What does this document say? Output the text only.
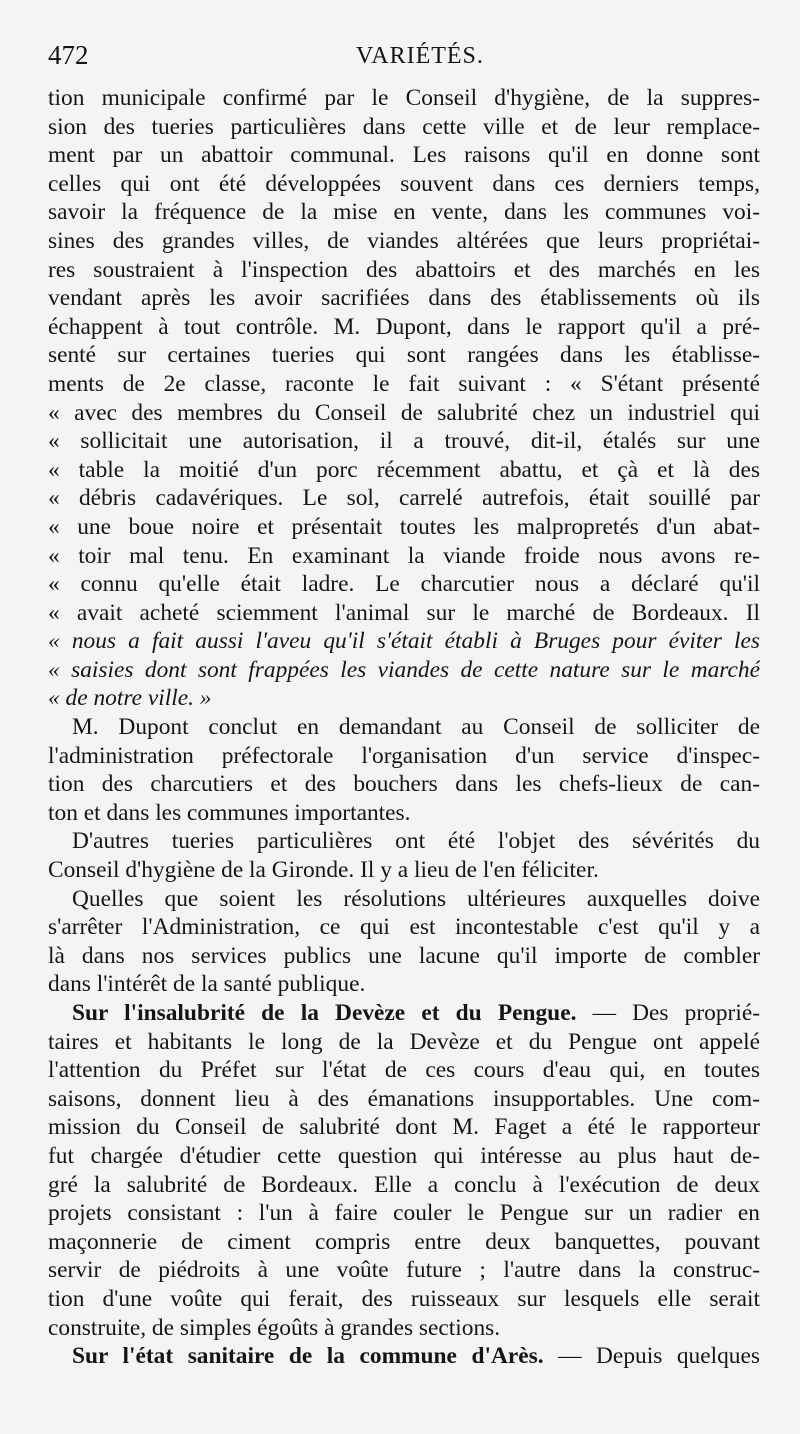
472	VARIÉTÉS.
tion municipale confirmé par le Conseil d'hygiène, de la suppres-
sion des tueries particulières dans cette ville et de leur remplace-
ment par un abattoir communal. Les raisons qu'il en donne sont
celles qui ont été développées souvent dans ces derniers temps,
savoir la fréquence de la mise en vente, dans les communes voi-
sines des grandes villes, de viandes altérées que leurs propriétai-
res soustraient à l'inspection des abattoirs et des marchés en les
vendant après les avoir sacrifiées dans des établissements où ils
échappent à tout contrôle. M. Dupont, dans le rapport qu'il a pré-
senté sur certaines tueries qui sont rangées dans les établisse-
ments de 2e classe, raconte le fait suivant : « S'étant présenté
« avec des membres du Conseil de salubrité chez un industriel qui
« sollicitait une autorisation, il a trouvé, dit-il, étalés sur une
« table la moitié d'un porc récemment abattu, et çà et là des
« débris cadavériques. Le sol, carrelé autrefois, était souillé par
« une boue noire et présentait toutes les malpropretés d'un abat-
« toir mal tenu. En examinant la viande froide nous avons re-
« connu qu'elle était ladre. Le charcutier nous a déclaré qu'il
« avait acheté sciemment l'animal sur le marché de Bordeaux. Il
« nous a fait aussi l'aveu qu'il s'était établi à Bruges pour éviter les
« saisies dont sont frappées les viandes de cette nature sur le marché
« de notre ville. »
M. Dupont conclut en demandant au Conseil de solliciter de
l'administration préfectorale l'organisation d'un service d'inspec-
tion des charcutiers et des bouchers dans les chefs-lieux de can-
ton et dans les communes importantes.
D'autres tueries particulières ont été l'objet des sévérités du
Conseil d'hygiène de la Gironde. Il y a lieu de l'en féliciter.
Quelles que soient les résolutions ultérieures auxquelles doive
s'arrêter l'Administration, ce qui est incontestable c'est qu'il y a
là dans nos services publics une lacune qu'il importe de combler
dans l'intérêt de la santé publique.
Sur l'insalubrité de la Devèze et du Pengue. — Des proprié-
taires et habitants le long de la Devèze et du Pengue ont appelé
l'attention du Préfet sur l'état de ces cours d'eau qui, en toutes
saisons, donnent lieu à des émanations insupportables. Une com-
mission du Conseil de salubrité dont M. Faget a été le rapporteur
fut chargée d'étudier cette question qui intéresse au plus haut de-
gré la salubrité de Bordeaux. Elle a conclu à l'exécution de deux
projets consistant : l'un à faire couler le Pengue sur un radier en
maçonnerie de ciment compris entre deux banquettes, pouvant
servir de piédroits à une voûte future ; l'autre dans la construc-
tion d'une voûte qui ferait, des ruisseaux sur lesquels elle serait
construite, de simples égoûts à grandes sections.
Sur l'état sanitaire de la commune d'Arès. — Depuis quelques
